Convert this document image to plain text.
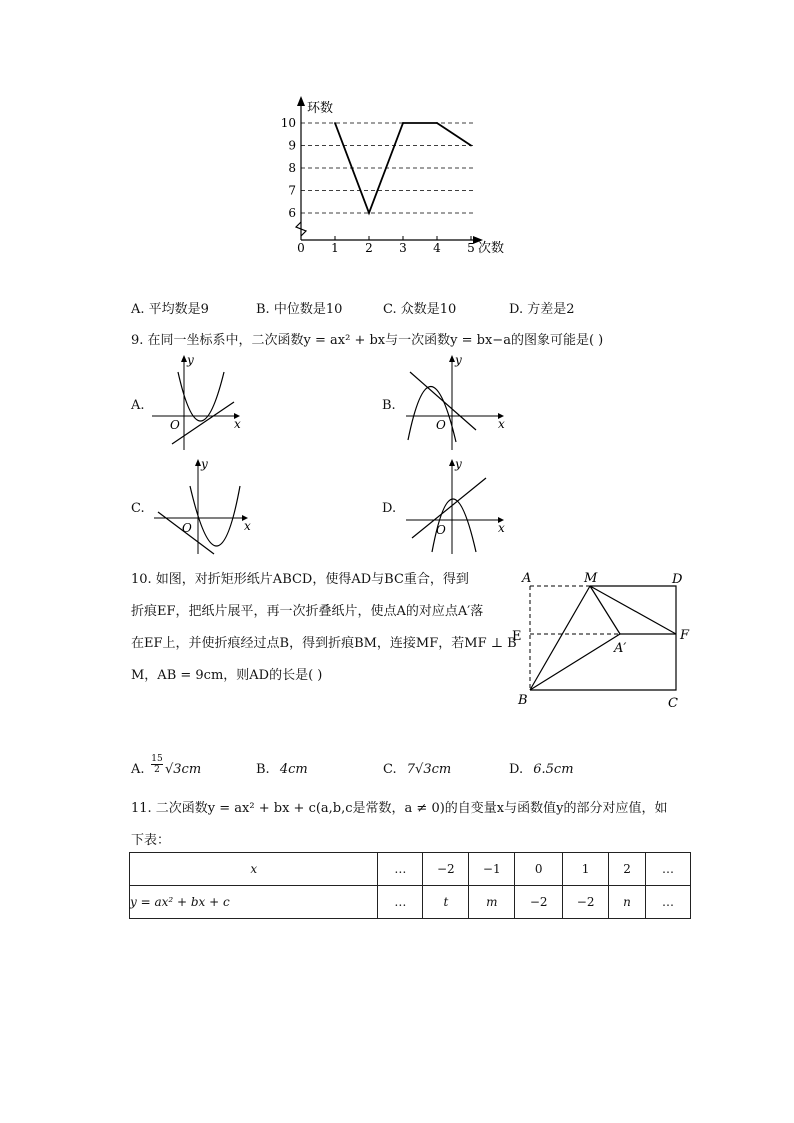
环数
次数
10
9
8
7
6
0 1 2 3 4 5
A. 平均数是9	B. 中位数是10	C. 众数是10	D. 方差是2
9. 在同一坐标系中，二次函数y = ax² + bx与一次函数y = bx−a的图象可能是( )
A.
y
x
O
B.
y
x
O
C.
y
x
O
D.
y
x
O
10. 如图，对折矩形纸片ABCD，使得AD与BC重合，得到
折痕EF，把纸片展平，再一次折叠纸片，使点A的对应点A′落
在EF上，并使折痕经过点B，得到折痕BM，连接MF，若MF ⊥ B
M，AB = 9cm，则AD的长是( )
A	M	D
E	F
A′
B	C
A. $\frac{15}{2} √3cm$	B. 4cm	C. 7√3cm	D. 6.5cm
11. 二次函数y = ax² + bx + c(a,b,c是常数，a ≠ 0)的自变量x与函数值y的部分对应值，如
下表：
x	…	−2	−1	0	1	2	…
y = ax² + bx + c	…	t	m	−2	−2	n	…
